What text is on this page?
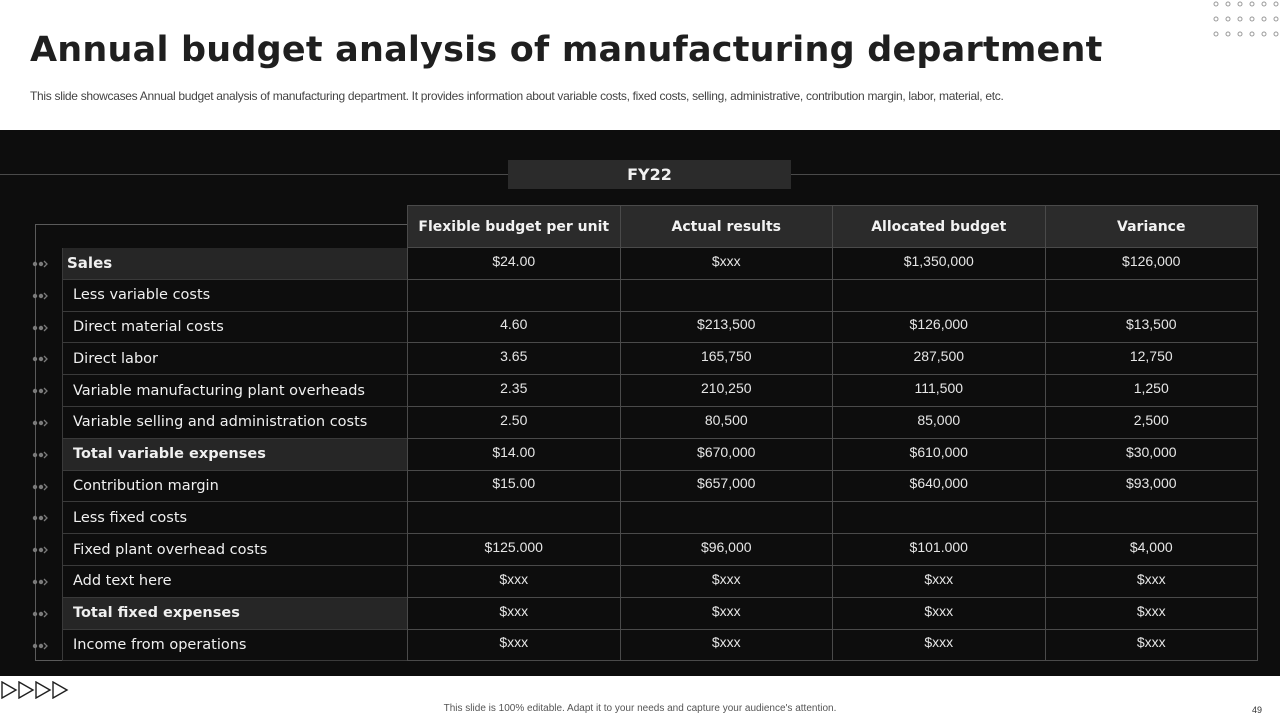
Annual budget analysis of manufacturing department

This slide showcases Annual budget analysis of manufacturing department. It provides information about variable costs, fixed costs, selling, administrative, contribution margin, labor, material, etc.

FY22
Flexible budget per unit	Actual results	Allocated budget	Variance
Sales	$24.00	$xxx	$1,350,000	$126,000
Less variable costs
Direct material costs	4.60	$213,500	$126,000	$13,500
Direct labor	3.65	165,750	287,500	12,750
Variable manufacturing plant overheads	2.35	210,250	111,500	1,250
Variable selling and administration costs	2.50	80,500	85,000	2,500
Total variable expenses	$14.00	$670,000	$610,000	$30,000
Contribution margin	$15.00	$657,000	$640,000	$93,000
Less fixed costs
Fixed plant overhead costs	$125.000	$96,000	$101.000	$4,000
Add text here	$xxx	$xxx	$xxx	$xxx
Total fixed expenses	$xxx	$xxx	$xxx	$xxx
Income from operations	$xxx	$xxx	$xxx	$xxx
This slide is 100% editable. Adapt it to your needs and capture your audience's attention.	49
